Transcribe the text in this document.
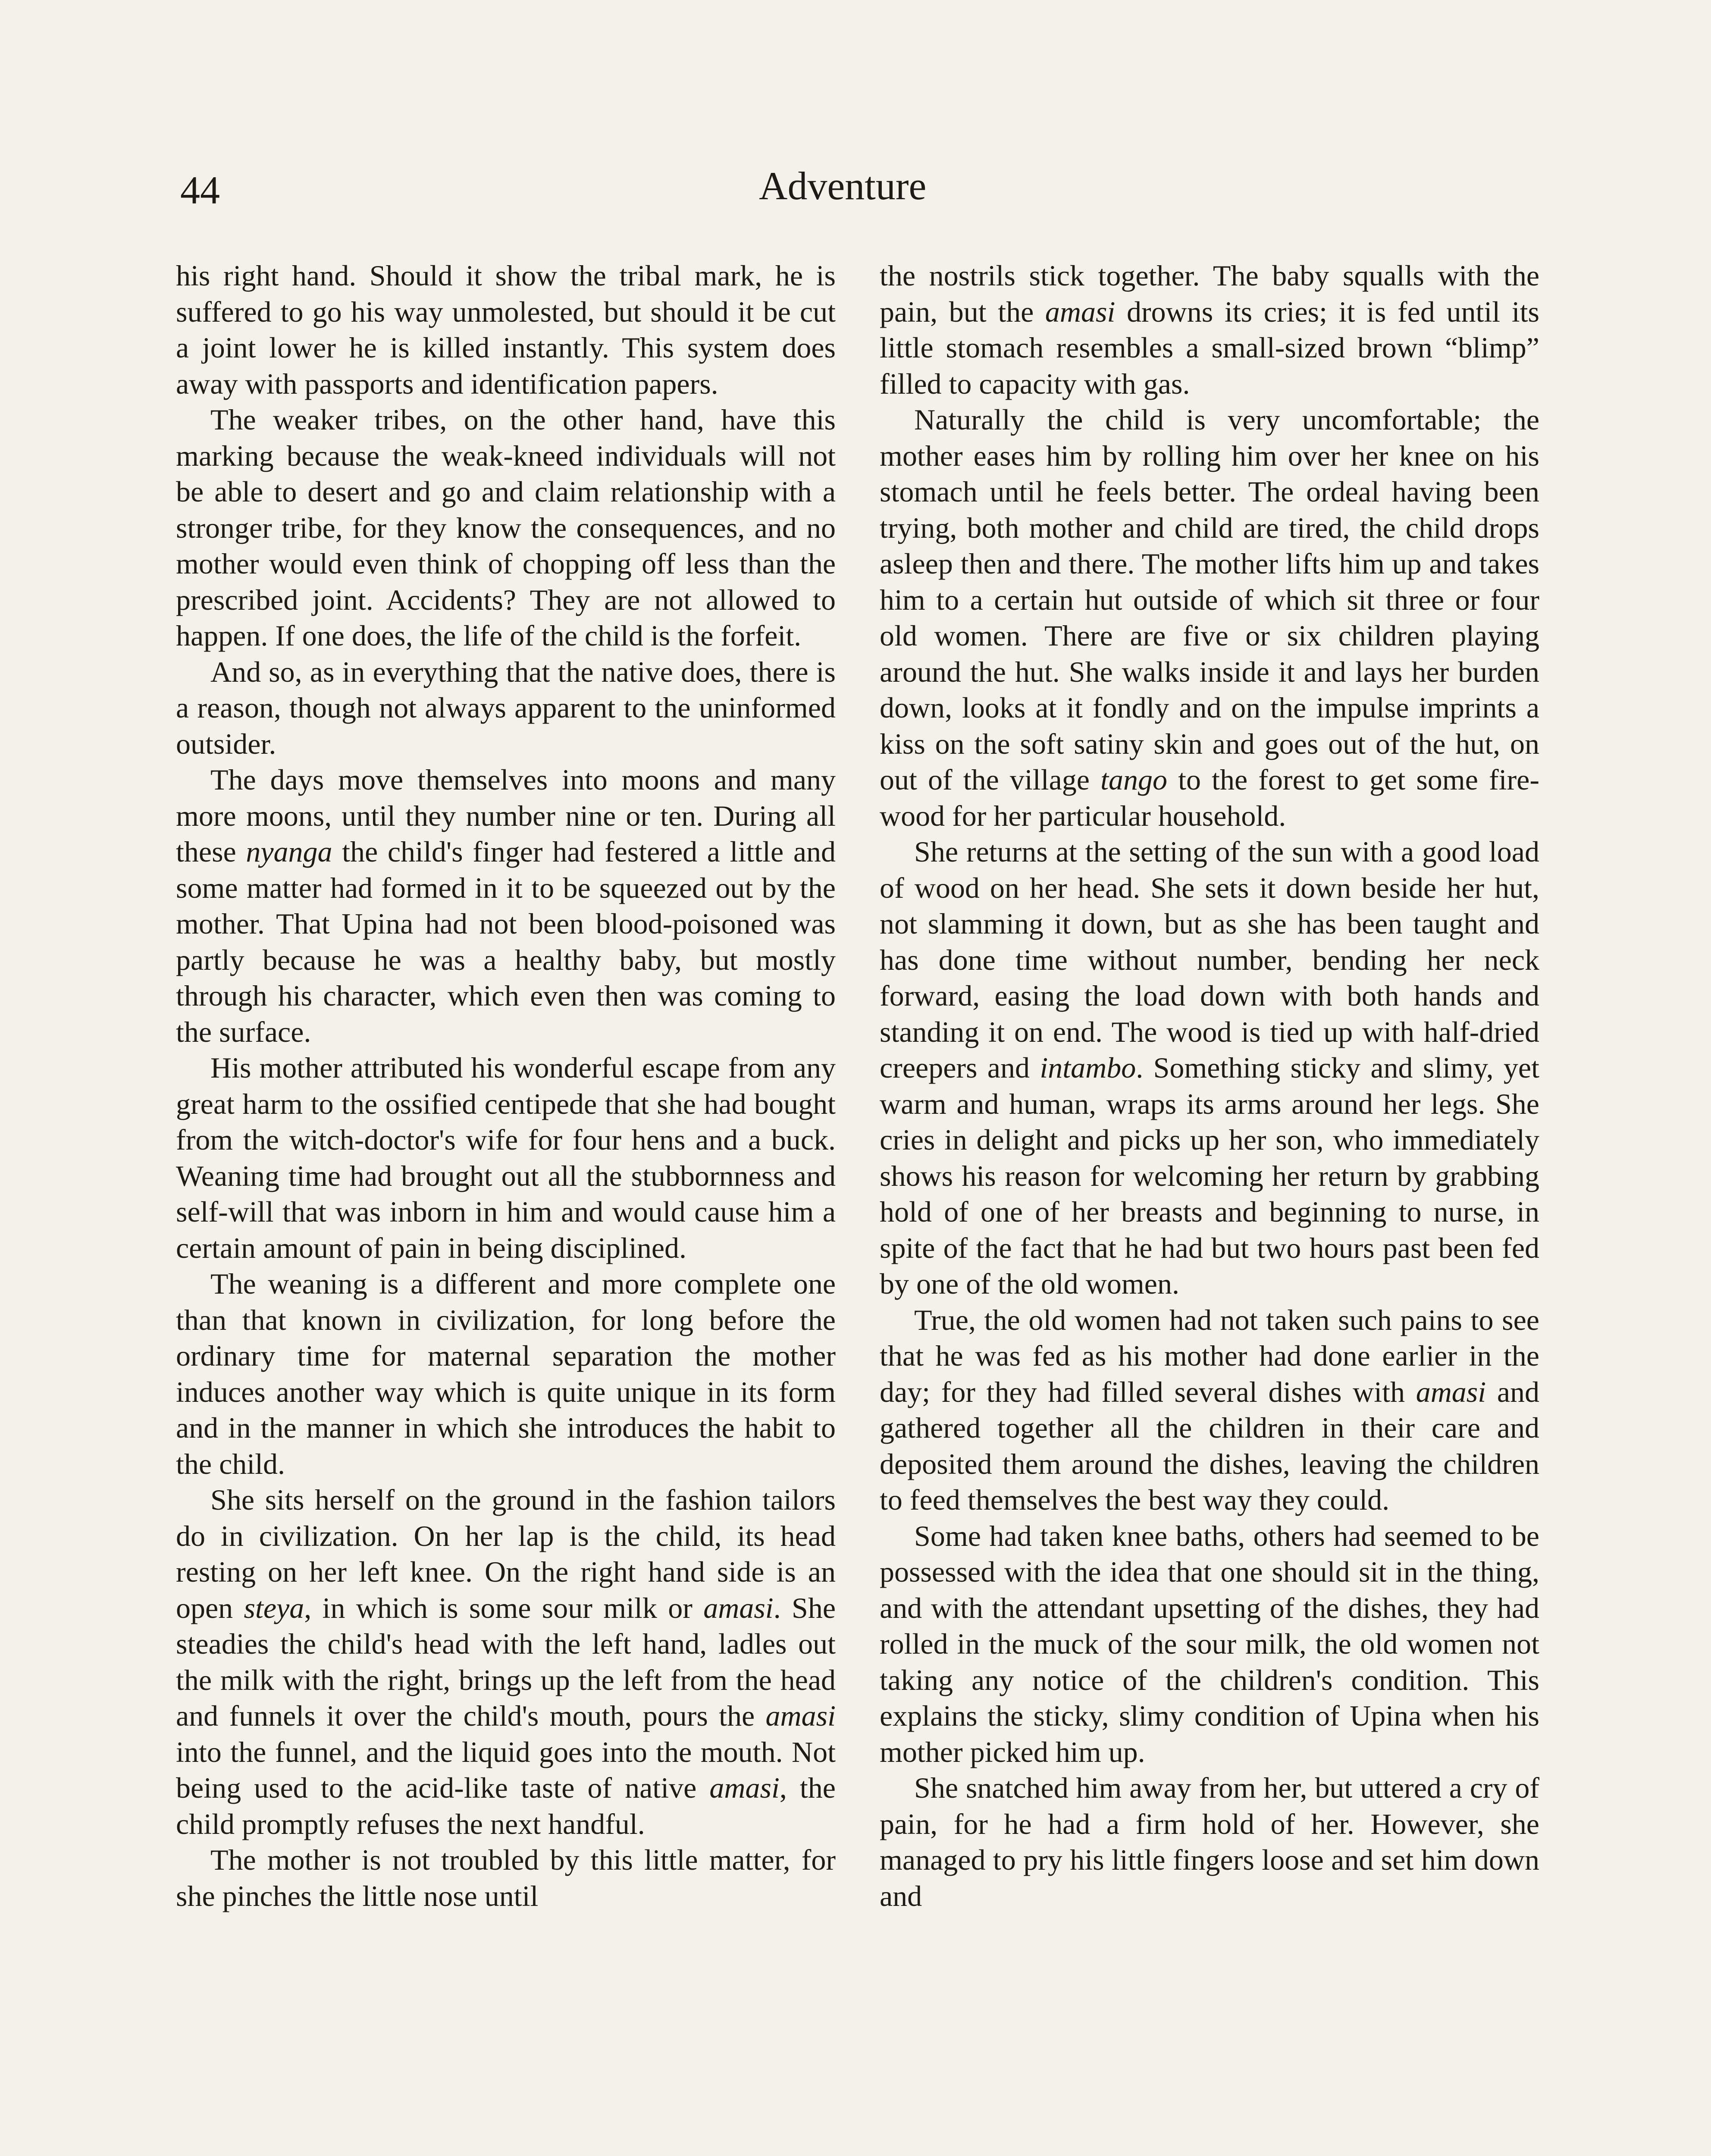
44	Adventure

his right hand. Should it show the tribal mark, he is suffered to go his way unmolested, but should it be cut a joint lower he is killed instantly. This system does away with passports and identification papers.

The weaker tribes, on the other hand, have this marking because the weak-kneed individuals will not be able to desert and go and claim relationship with a stronger tribe, for they know the consequences, and no mother would even think of chopping off less than the prescribed joint. Accidents? They are not allowed to happen. If one does, the life of the child is the forfeit.

And so, as in everything that the native does, there is a reason, though not always apparent to the uninformed outsider.

The days move themselves into moons and many more moons, until they number nine or ten. During all these nyanga the child's finger had festered a little and some matter had formed in it to be squeezed out by the mother. That Upina had not been blood-poisoned was partly because he was a healthy baby, but mostly through his character, which even then was coming to the surface.

His mother attributed his wonderful escape from any great harm to the ossified centipede that she had bought from the witch-doctor's wife for four hens and a buck. Weaning time had brought out all the stubbornness and self-will that was inborn in him and would cause him a certain amount of pain in being disciplined.

The weaning is a different and more complete one than that known in civilization, for long before the ordinary time for maternal separation the mother induces another way which is quite unique in its form and in the manner in which she introduces the habit to the child.

She sits herself on the ground in the fashion tailors do in civilization. On her lap is the child, its head resting on her left knee. On the right hand side is an open steya, in which is some sour milk or amasi. She steadies the child's head with the left hand, ladles out the milk with the right, brings up the left from the head and funnels it over the child's mouth, pours the amasi into the funnel, and the liquid goes into the mouth. Not being used to the acid-like taste of native amasi, the child promptly refuses the next handful.

The mother is not troubled by this little matter, for she pinches the little nose until

the nostrils stick together. The baby squalls with the pain, but the amasi drowns its cries; it is fed until its little stomach resembles a small-sized brown “blimp” filled to capacity with gas.

Naturally the child is very uncomfortable; the mother eases him by rolling him over her knee on his stomach until he feels better. The ordeal having been trying, both mother and child are tired, the child drops asleep then and there. The mother lifts him up and takes him to a certain hut outside of which sit three or four old women. There are five or six children playing around the hut. She walks inside it and lays her burden down, looks at it fondly and on the impulse imprints a kiss on the soft satiny skin and goes out of the hut, on out of the village tango to the forest to get some fire-wood for her particular household.

She returns at the setting of the sun with a good load of wood on her head. She sets it down beside her hut, not slamming it down, but as she has been taught and has done time without number, bending her neck forward, easing the load down with both hands and standing it on end. The wood is tied up with half-dried creepers and intambo. Something sticky and slimy, yet warm and human, wraps its arms around her legs. She cries in delight and picks up her son, who immediately shows his reason for welcoming her return by grabbing hold of one of her breasts and beginning to nurse, in spite of the fact that he had but two hours past been fed by one of the old women.

True, the old women had not taken such pains to see that he was fed as his mother had done earlier in the day; for they had filled several dishes with amasi and gathered together all the children in their care and deposited them around the dishes, leaving the children to feed themselves the best way they could.

Some had taken knee baths, others had seemed to be possessed with the idea that one should sit in the thing, and with the attendant upsetting of the dishes, they had rolled in the muck of the sour milk, the old women not taking any notice of the children's condition. This explains the sticky, slimy condition of Upina when his mother picked him up.

She snatched him away from her, but uttered a cry of pain, for he had a firm hold of her. However, she managed to pry his little fingers loose and set him down and
